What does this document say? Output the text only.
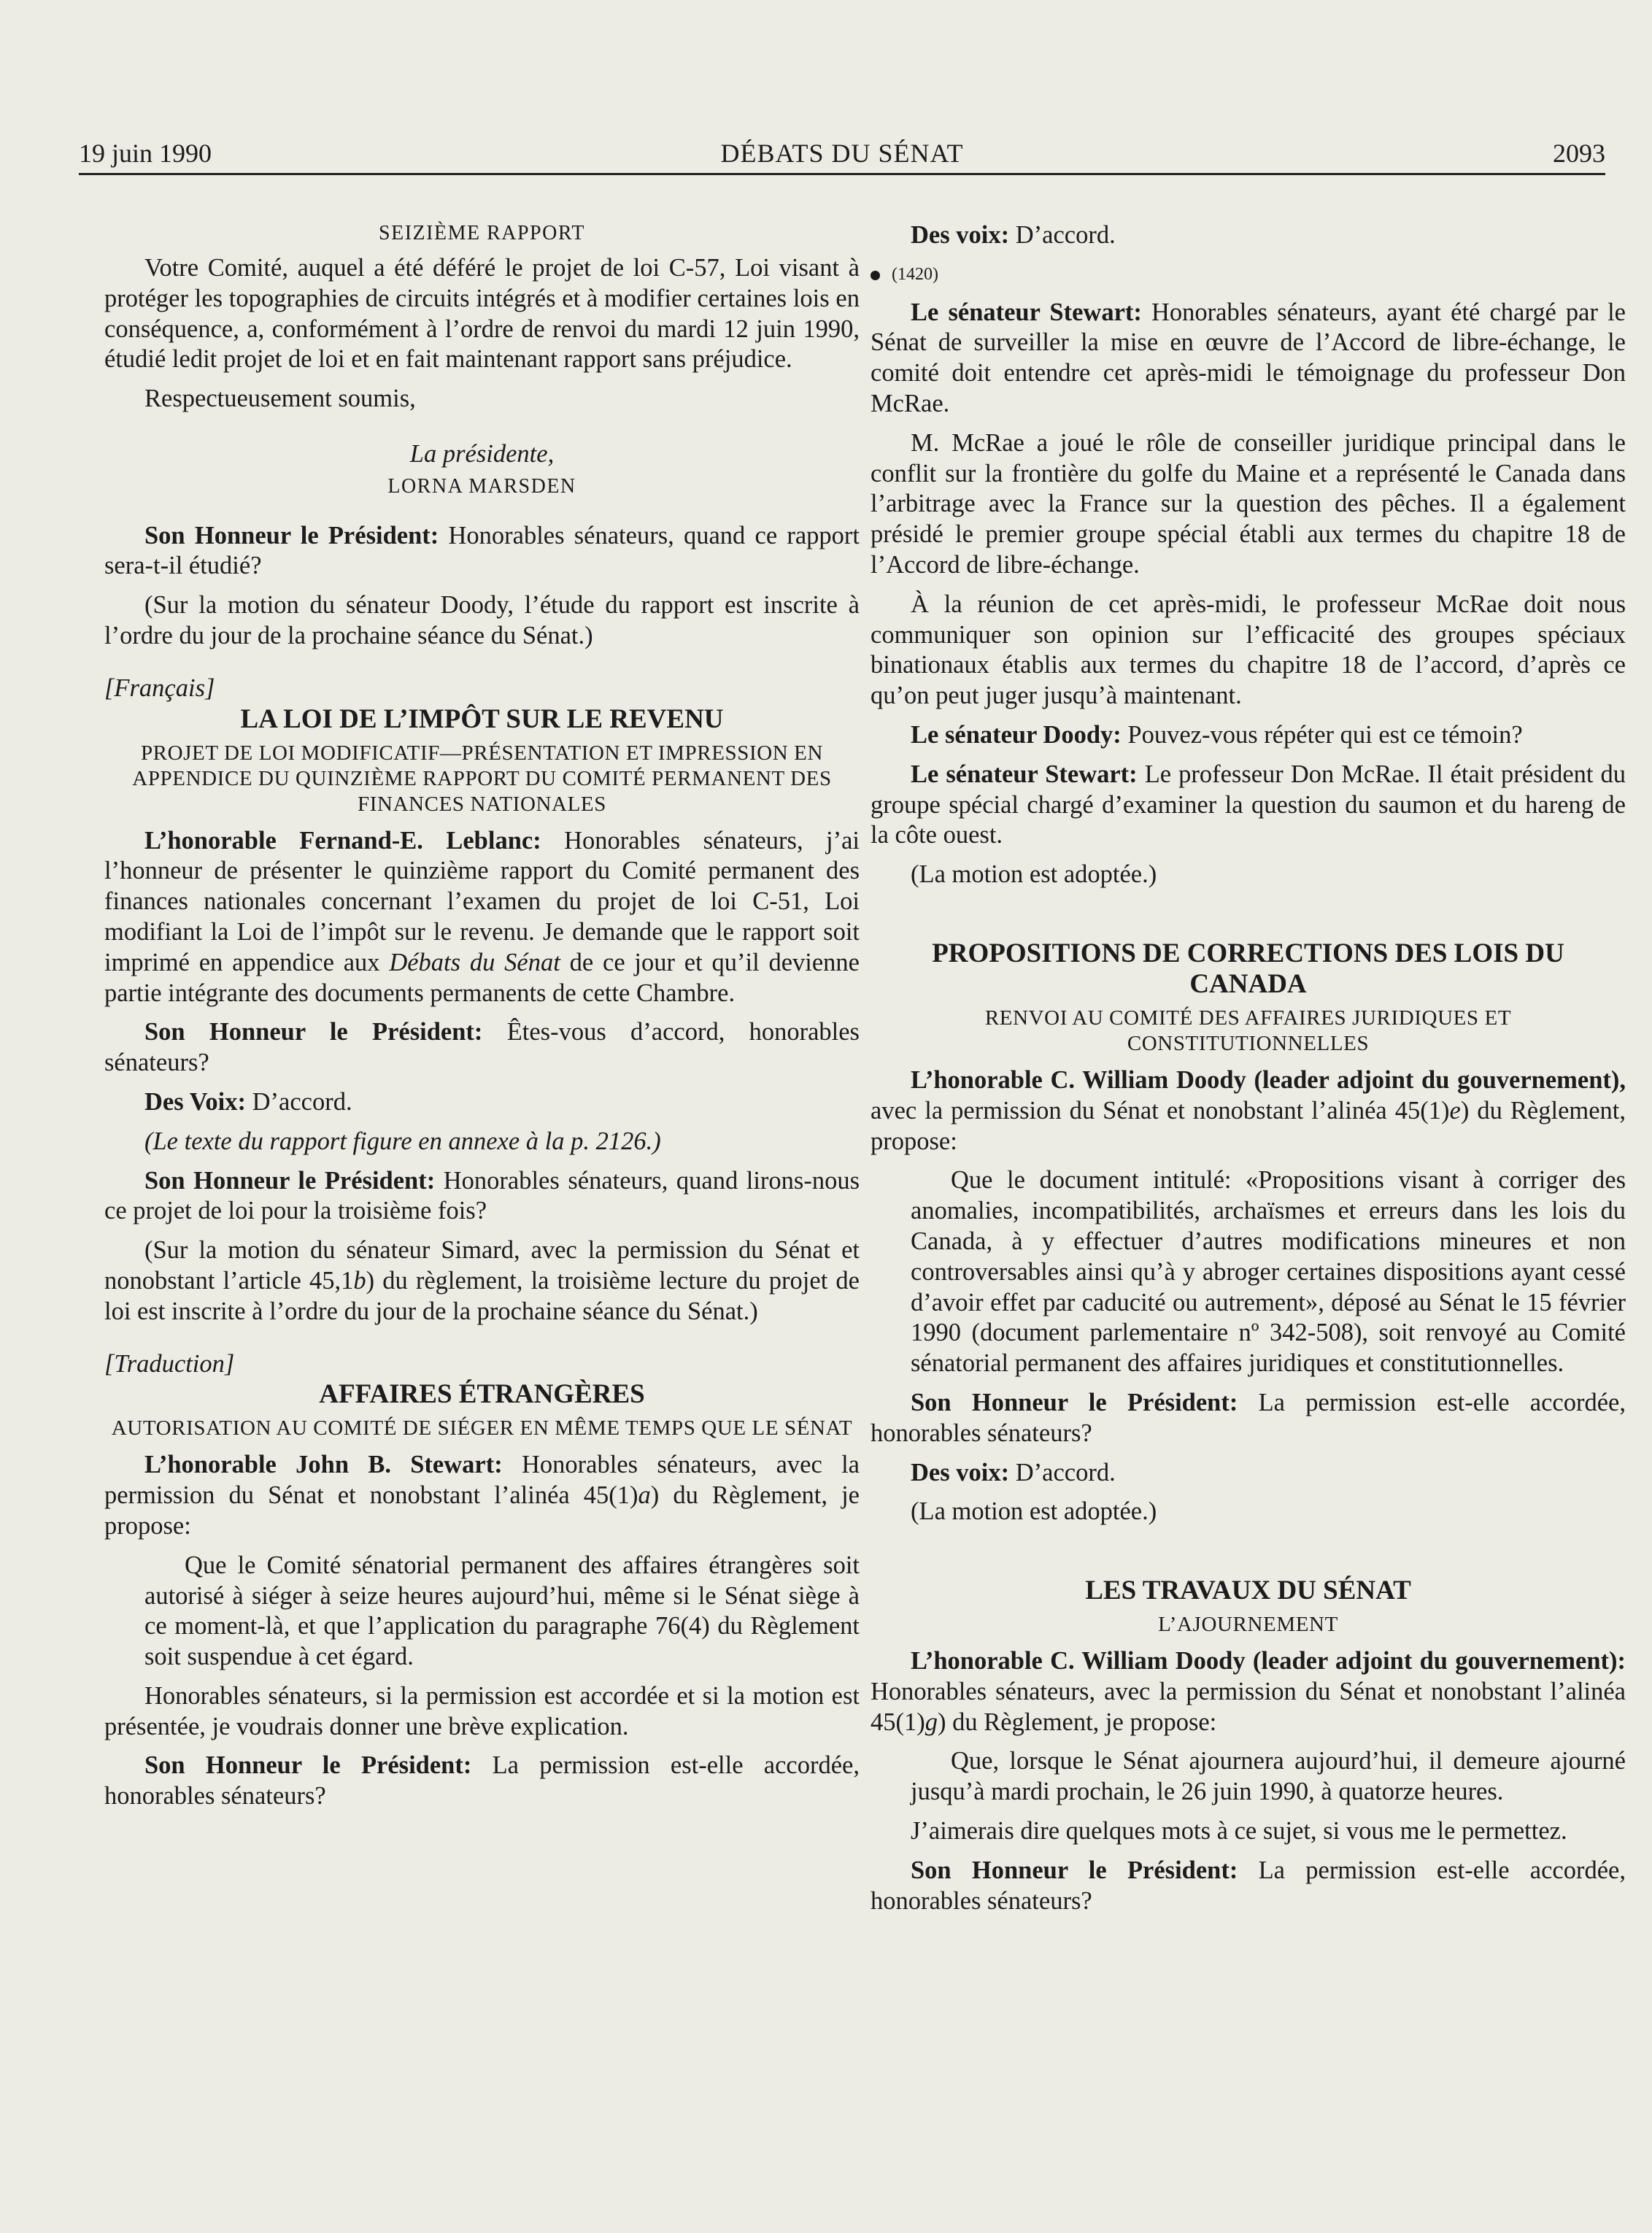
19 juin 1990	DÉBATS DU SÉNAT	2093

SEIZIÈME RAPPORT

Votre Comité, auquel a été déféré le projet de loi C-57, Loi visant à protéger les topographies de circuits intégrés et à modifier certaines lois en conséquence, a, conformément à l’ordre de renvoi du mardi 12 juin 1990, étudié ledit projet de loi et en fait maintenant rapport sans préjudice.

Respectueusement soumis,

La présidente,

LORNA MARSDEN

Son Honneur le Président: Honorables sénateurs, quand ce rapport sera-t-il étudié?

(Sur la motion du sénateur Doody, l’étude du rapport est inscrite à l’ordre du jour de la prochaine séance du Sénat.)

[Français]

LA LOI DE L’IMPÔT SUR LE REVENU

PROJET DE LOI MODIFICATIF—PRÉSENTATION ET IMPRESSION EN APPENDICE DU QUINZIÈME RAPPORT DU COMITÉ PERMANENT DES FINANCES NATIONALES

L’honorable Fernand-E. Leblanc: Honorables sénateurs, j’ai l’honneur de présenter le quinzième rapport du Comité permanent des finances nationales concernant l’examen du projet de loi C-51, Loi modifiant la Loi de l’impôt sur le revenu. Je demande que le rapport soit imprimé en appendice aux Débats du Sénat de ce jour et qu’il devienne partie intégrante des documents permanents de cette Chambre.

Son Honneur le Président: Êtes-vous d’accord, honorables sénateurs?

Des Voix: D’accord.

(Le texte du rapport figure en annexe à la p. 2126.)

Son Honneur le Président: Honorables sénateurs, quand lirons-nous ce projet de loi pour la troisième fois?

(Sur la motion du sénateur Simard, avec la permission du Sénat et nonobstant l’article 45,1b) du règlement, la troisième lecture du projet de loi est inscrite à l’ordre du jour de la prochaine séance du Sénat.)

[Traduction]

AFFAIRES ÉTRANGÈRES

AUTORISATION AU COMITÉ DE SIÉGER EN MÊME TEMPS QUE LE SÉNAT

L’honorable John B. Stewart: Honorables sénateurs, avec la permission du Sénat et nonobstant l’alinéa 45(1)a) du Règlement, je propose:

Que le Comité sénatorial permanent des affaires étrangères soit autorisé à siéger à seize heures aujourd’hui, même si le Sénat siège à ce moment-là, et que l’application du paragraphe 76(4) du Règlement soit suspendue à cet égard.

Honorables sénateurs, si la permission est accordée et si la motion est présentée, je voudrais donner une brève explication.

Son Honneur le Président: La permission est-elle accordée, honorables sénateurs?

Des voix: D’accord.

(1420)

Le sénateur Stewart: Honorables sénateurs, ayant été chargé par le Sénat de surveiller la mise en œuvre de l’Accord de libre-échange, le comité doit entendre cet après-midi le témoignage du professeur Don McRae.

M. McRae a joué le rôle de conseiller juridique principal dans le conflit sur la frontière du golfe du Maine et a représenté le Canada dans l’arbitrage avec la France sur la question des pêches. Il a également présidé le premier groupe spécial établi aux termes du chapitre 18 de l’Accord de libre-échange.

À la réunion de cet après-midi, le professeur McRae doit nous communiquer son opinion sur l’efficacité des groupes spéciaux binationaux établis aux termes du chapitre 18 de l’accord, d’après ce qu’on peut juger jusqu’à maintenant.

Le sénateur Doody: Pouvez-vous répéter qui est ce témoin?

Le sénateur Stewart: Le professeur Don McRae. Il était président du groupe spécial chargé d’examiner la question du saumon et du hareng de la côte ouest.

(La motion est adoptée.)

PROPOSITIONS DE CORRECTIONS DES LOIS DU CANADA

RENVOI AU COMITÉ DES AFFAIRES JURIDIQUES ET CONSTITUTIONNELLES

L’honorable C. William Doody (leader adjoint du gouvernement), avec la permission du Sénat et nonobstant l’alinéa 45(1)e) du Règlement, propose:

Que le document intitulé: «Propositions visant à corriger des anomalies, incompatibilités, archaïsmes et erreurs dans les lois du Canada, à y effectuer d’autres modifications mineures et non controversables ainsi qu’à y abroger certaines dispositions ayant cessé d’avoir effet par caducité ou autrement», déposé au Sénat le 15 février 1990 (document parlementaire nº 342-508), soit renvoyé au Comité sénatorial permanent des affaires juridiques et constitutionnelles.

Son Honneur le Président: La permission est-elle accordée, honorables sénateurs?

Des voix: D’accord.

(La motion est adoptée.)

LES TRAVAUX DU SÉNAT

L’AJOURNEMENT

L’honorable C. William Doody (leader adjoint du gouvernement): Honorables sénateurs, avec la permission du Sénat et nonobstant l’alinéa 45(1)g) du Règlement, je propose:

Que, lorsque le Sénat ajournera aujourd’hui, il demeure ajourné jusqu’à mardi prochain, le 26 juin 1990, à quatorze heures.

J’aimerais dire quelques mots à ce sujet, si vous me le permettez.

Son Honneur le Président: La permission est-elle accordée, honorables sénateurs?
